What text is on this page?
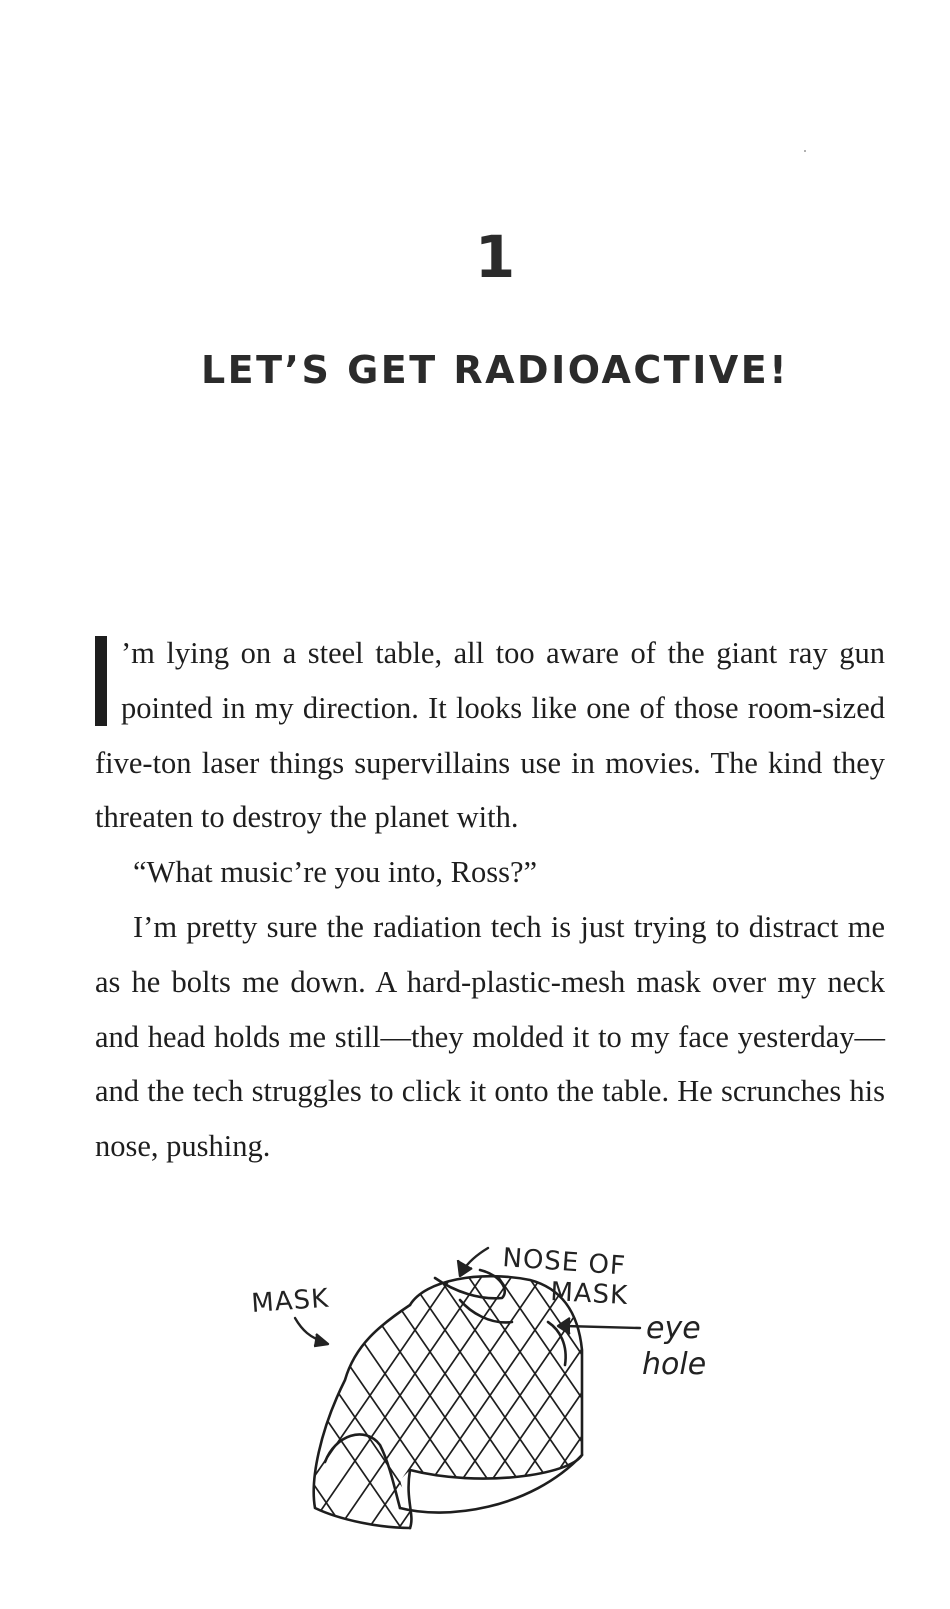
1
LET’S GET RADIOACTIVE!

’m lying on a steel table, all too aware of the giant ray gun pointed in my direction. It looks like one of those room-sized five-ton laser things supervillains use in movies. The kind they threaten to destroy the planet with.

“What music’re you into, Ross?”

I’m pretty sure the radiation tech is just trying to distract me as he bolts me down. A hard-plastic-mesh mask over my neck and head holds me still—they molded it to my face yesterday—and the tech struggles to click it onto the table. He scrunches his nose, pushing.

MASK
NOSE OF
MASK
eye
hole
